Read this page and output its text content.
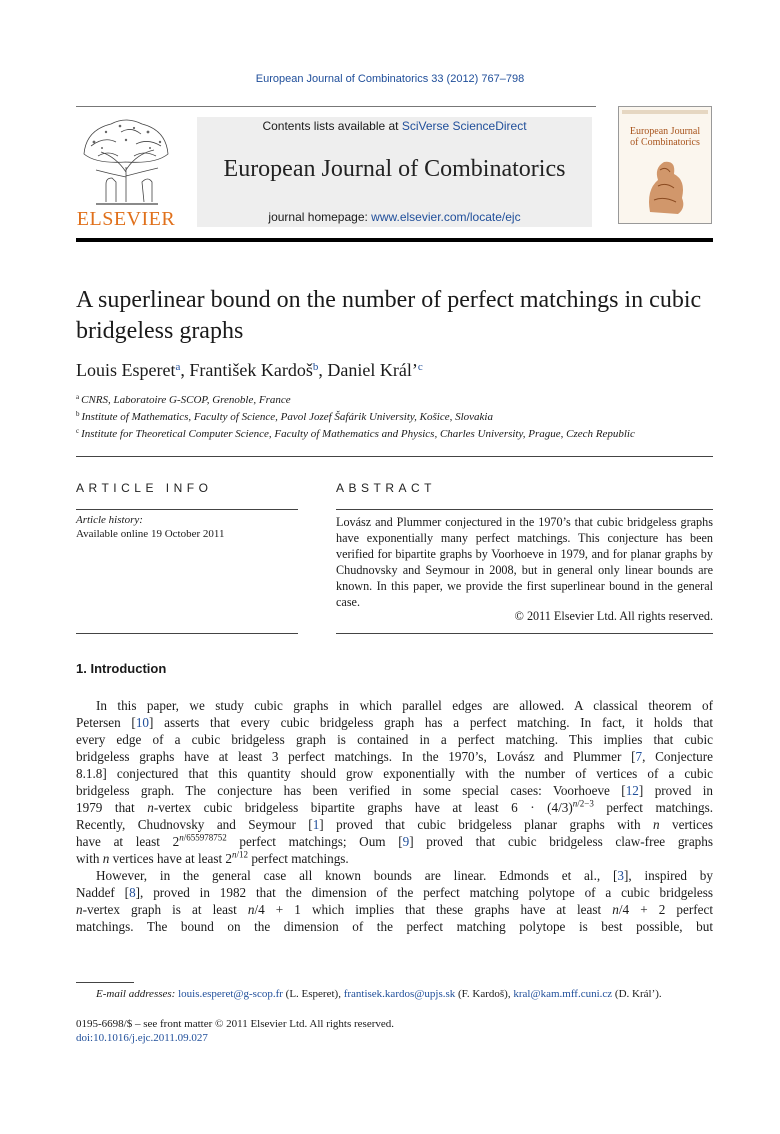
European Journal of Combinatorics 33 (2012) 767–798
ELSEVIER
Contents lists available at SciVerse ScienceDirect
European Journal of Combinatorics
journal homepage: www.elsevier.com/locate/ejc
European Journal
of Combinatorics
A superlinear bound on the number of perfect matchings in cubic bridgeless graphs
Louis Esperet$^a$, František Kardoš$^b$, Daniel Král’$^c$
$^a$ CNRS, Laboratoire G-SCOP, Grenoble, France
$^b$ Institute of Mathematics, Faculty of Science, Pavol Jozef Šafárik University, Košice, Slovakia
$^c$ Institute for Theoretical Computer Science, Faculty of Mathematics and Physics, Charles University, Prague, Czech Republic
ARTICLE INFO	ABSTRACT
Article history:
Available online 19 October 2011
Lovász and Plummer conjectured in the 1970’s that cubic bridgeless graphs have exponentially many perfect matchings. This conjecture has been verified for bipartite graphs by Voorhoeve in 1979, and for planar graphs by Chudnovsky and Seymour in 2008, but in general only linear bounds are known. In this paper, we provide the first superlinear bound in the general case.
© 2011 Elsevier Ltd. All rights reserved.
1. Introduction
In this paper, we study cubic graphs in which parallel edges are allowed. A classical theorem of
Petersen [10] asserts that every cubic bridgeless graph has a perfect matching. In fact, it holds that
every edge of a cubic bridgeless graph is contained in a perfect matching. This implies that cubic
bridgeless graphs have at least 3 perfect matchings. In the 1970’s, Lovász and Plummer [7, Conjecture
8.1.8] conjectured that this quantity should grow exponentially with the number of vertices of a cubic
bridgeless graph. The conjecture has been verified in some special cases: Voorhoeve [12] proved in
1979 that n-vertex cubic bridgeless bipartite graphs have at least $6 \cdot (4/3)^{n/2-3}$ perfect matchings.
Recently, Chudnovsky and Seymour [1] proved that cubic bridgeless planar graphs with n vertices
have at least $2^{n/655978752}$ perfect matchings; Oum [9] proved that cubic bridgeless claw-free graphs
with n vertices have at least $2^{n/12}$ perfect matchings.
However, in the general case all known bounds are linear. Edmonds et al., [3], inspired by
Naddef [8], proved in 1982 that the dimension of the perfect matching polytope of a cubic bridgeless
n-vertex graph is at least n/4 + 1 which implies that these graphs have at least n/4 + 2 perfect
matchings. The bound on the dimension of the perfect matching polytope is best possible, but
E-mail addresses: louis.esperet@g-scop.fr (L. Esperet), frantisek.kardos@upjs.sk (F. Kardoš), kral@kam.mff.cuni.cz (D. Král’).
0195-6698/$ – see front matter © 2011 Elsevier Ltd. All rights reserved.
doi:10.1016/j.ejc.2011.09.027
